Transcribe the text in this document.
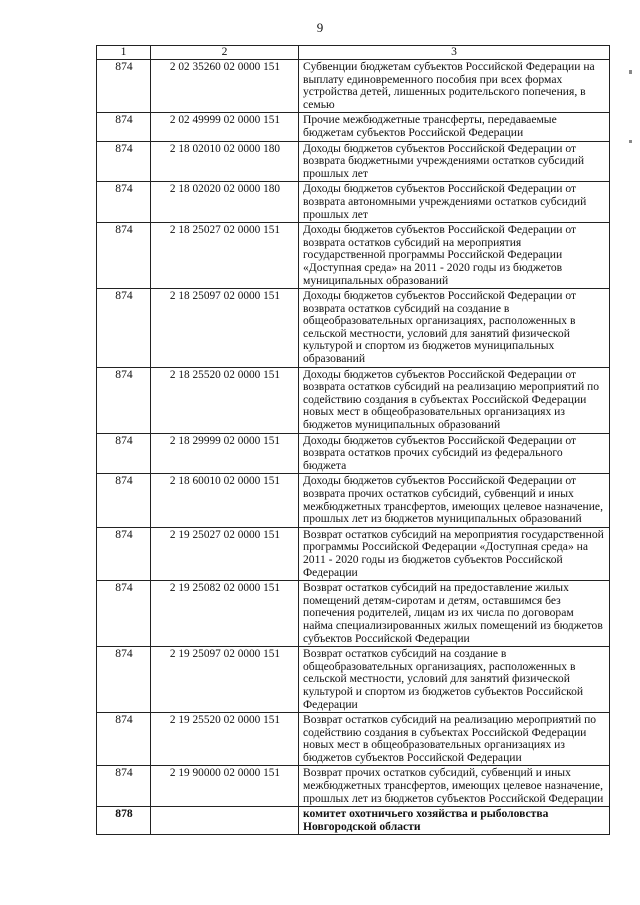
9
1	2	3
874	2 02 35260 02 0000 151	Субвенции бюджетам субъектов Российской Федерации на выплату единовременного пособия при всех формах устройства детей, лишенных родительского попечения, в семью
874	2 02 49999 02 0000 151	Прочие межбюджетные трансферты, передаваемые бюджетам субъектов Российской Федерации
874	2 18 02010 02 0000 180	Доходы бюджетов субъектов Российской Федерации от возврата бюджетными учреждениями остатков субсидий прошлых лет
874	2 18 02020 02 0000 180	Доходы бюджетов субъектов Российской Федерации от возврата автономными учреждениями остатков субсидий прошлых лет
874	2 18 25027 02 0000 151	Доходы бюджетов субъектов Российской Федерации от возврата остатков субсидий на мероприятия государственной программы Российской Федерации «Доступная среда» на 2011 - 2020 годы из бюджетов муниципальных образований
874	2 18 25097 02 0000 151	Доходы бюджетов субъектов Российской Федерации от возврата остатков субсидий на создание в общеобразовательных организациях, расположенных в сельской местности, условий для занятий физической культурой и спортом из бюджетов муниципальных образований
874	2 18 25520 02 0000 151	Доходы бюджетов субъектов Российской Федерации от возврата остатков субсидий на реализацию мероприятий по содействию создания в субъектах Российской Федерации новых мест в общеобразовательных организациях из бюджетов муниципальных образований
874	2 18 29999 02 0000 151	Доходы бюджетов субъектов Российской Федерации от возврата остатков прочих субсидий из федерального бюджета
874	2 18 60010 02 0000 151	Доходы бюджетов субъектов Российской Федерации от возврата прочих остатков субсидий, субвенций и иных межбюджетных трансфертов, имеющих целевое назначение, прошлых лет из бюджетов муниципальных образований
874	2 19 25027 02 0000 151	Возврат остатков субсидий на мероприятия государственной программы Российской Федерации «Доступная среда» на 2011 - 2020 годы из бюджетов субъектов Российской Федерации
874	2 19 25082 02 0000 151	Возврат остатков субсидий на предоставление жилых помещений детям-сиротам и детям, оставшимся без попечения родителей, лицам из их числа по договорам найма специализированных жилых помещений из бюджетов субъектов Российской Федерации
874	2 19 25097 02 0000 151	Возврат остатков субсидий на создание в общеобразовательных организациях, расположенных в сельской местности, условий для занятий физической культурой и спортом из бюджетов субъектов Российской Федерации
874	2 19 25520 02 0000 151	Возврат остатков субсидий на реализацию мероприятий по содействию создания в субъектах Российской Федерации новых мест в общеобразовательных организациях из бюджетов субъектов Российской Федерации
874	2 19 90000 02 0000 151	Возврат прочих остатков субсидий, субвенций и иных межбюджетных трансфертов, имеющих целевое назначение, прошлых лет из бюджетов субъектов Российской Федерации
878		комитет охотничьего хозяйства и рыболовства Новгородской области
